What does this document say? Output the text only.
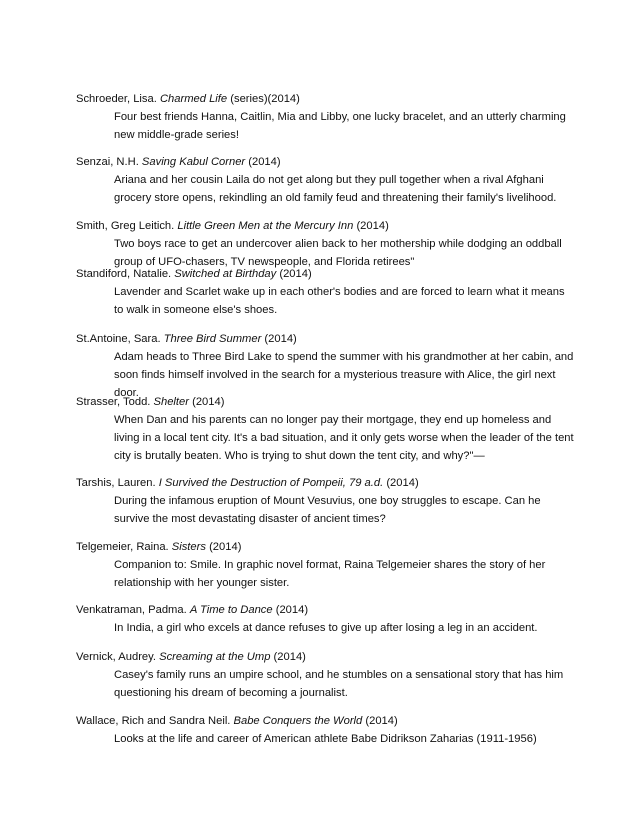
Schroeder, Lisa. Charmed Life (series)(2014)
Four best friends Hanna, Caitlin, Mia and Libby, one lucky bracelet, and an utterly charming new middle-grade series!
Senzai, N.H. Saving Kabul Corner (2014)
Ariana and her cousin Laila do not get along but they pull together when a rival Afghani grocery store opens, rekindling an old family feud and threatening their family's livelihood.
Smith, Greg Leitich. Little Green Men at the Mercury Inn (2014)
Two boys race to get an undercover alien back to her mothership while dodging an oddball group of UFO-chasers, TV newspeople, and Florida retirees"
Standiford, Natalie. Switched at Birthday (2014)
Lavender and Scarlet wake up in each other's bodies and are forced to learn what it means to walk in someone else's shoes.
St.Antoine, Sara. Three Bird Summer (2014)
Adam heads to Three Bird Lake to spend the summer with his grandmother at her cabin, and soon finds himself involved in the search for a mysterious treasure with Alice, the girl next door.
Strasser, Todd. Shelter (2014)
When Dan and his parents can no longer pay their mortgage, they end up homeless and living in a local tent city. It's a bad situation, and it only gets worse when the leader of the tent city is brutally beaten. Who is trying to shut down the tent city, and why?"—
Tarshis, Lauren. I Survived the Destruction of Pompeii, 79 a.d. (2014)
During the infamous eruption of Mount Vesuvius, one boy struggles to escape. Can he survive the most devastating disaster of ancient times?
Telgemeier, Raina. Sisters (2014)
Companion to: Smile. In graphic novel format, Raina Telgemeier shares the story of her relationship with her younger sister.
Venkatraman, Padma. A Time to Dance (2014)
In India, a girl who excels at dance refuses to give up after losing a leg in an accident.
Vernick, Audrey. Screaming at the Ump (2014)
Casey's family runs an umpire school, and he stumbles on a sensational story that has him questioning his dream of becoming a journalist.
Wallace, Rich and Sandra Neil. Babe Conquers the World (2014)
Looks at the life and career of American athlete Babe Didrikson Zaharias (1911-1956)
